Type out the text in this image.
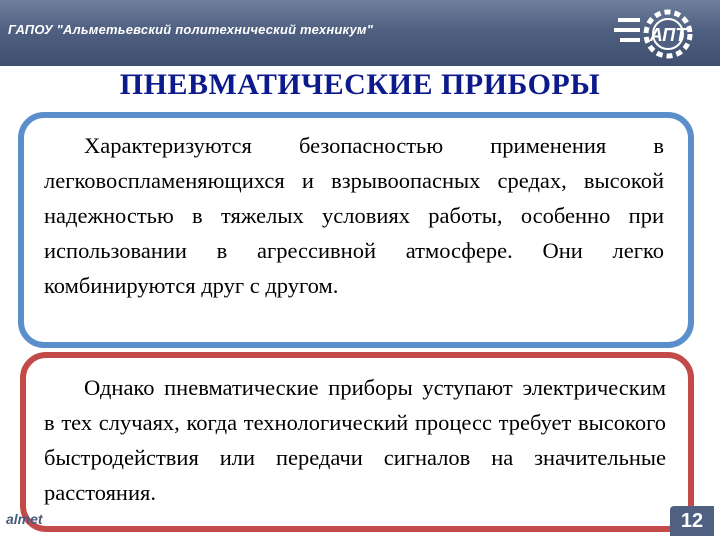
ГАПОУ "Альметьевский политехнический техникум"	АПТ
ПНЕВМАТИЧЕСКИЕ ПРИБОРЫ
Характеризуются безопасностью применения в легковоспламеняющихся и взрывоопасных средах, высокой надежностью в тяжелых условиях работы, особенно при использовании в агрессивной атмосфере. Они легко комбинируются друг с другом.
Однако пневматические приборы уступают электрическим в тех случаях, когда технологический процесс требует высокого быстродействия или передачи сигналов на значительные расстояния.
almet	12
